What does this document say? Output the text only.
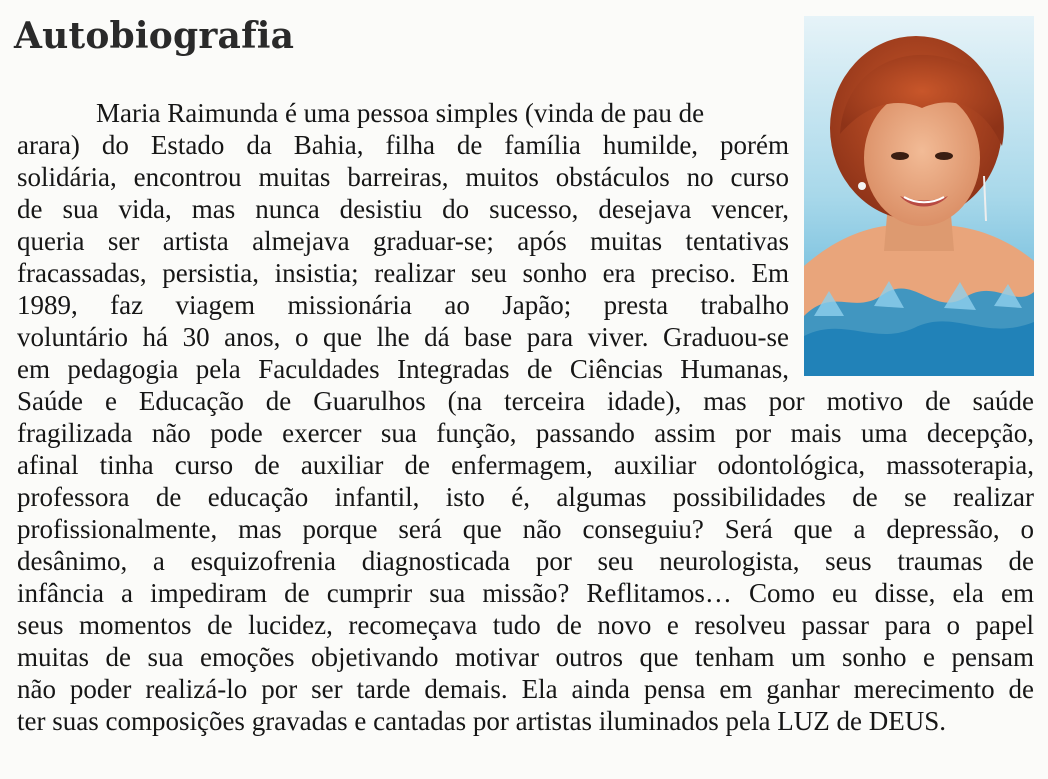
Autobiografia
Maria Raimunda é uma pessoa simples (vinda de pau de
arara) do Estado da Bahia, filha de família humilde, porém
solidária, encontrou muitas barreiras, muitos obstáculos no curso
de sua vida, mas nunca desistiu do sucesso, desejava vencer,
queria ser artista almejava graduar-se; após muitas tentativas
fracassadas, persistia, insistia; realizar seu sonho era preciso. Em
1989, faz viagem missionária ao Japão; presta trabalho
voluntário há 30 anos, o que lhe dá base para viver. Graduou-se
em pedagogia pela Faculdades Integradas de Ciências Humanas,
Saúde e Educação de Guarulhos (na terceira idade), mas por motivo de saúde
fragilizada não pode exercer sua função, passando assim por mais uma decepção,
afinal tinha curso de auxiliar de enfermagem, auxiliar odontológica, massoterapia,
professora de educação infantil, isto é, algumas possibilidades de se realizar
profissionalmente, mas porque será que não conseguiu? Será que a depressão, o
desânimo, a esquizofrenia diagnosticada por seu neurologista, seus traumas de
infância a impediram de cumprir sua missão? Reflitamos… Como eu disse, ela em
seus momentos de lucidez, recomeçava tudo de novo e resolveu passar para o papel
muitas de sua emoções objetivando motivar outros que tenham um sonho e pensam
não poder realizá-lo por ser tarde demais. Ela ainda pensa em ganhar merecimento de
ter suas composições gravadas e cantadas por artistas iluminados pela LUZ de DEUS.
